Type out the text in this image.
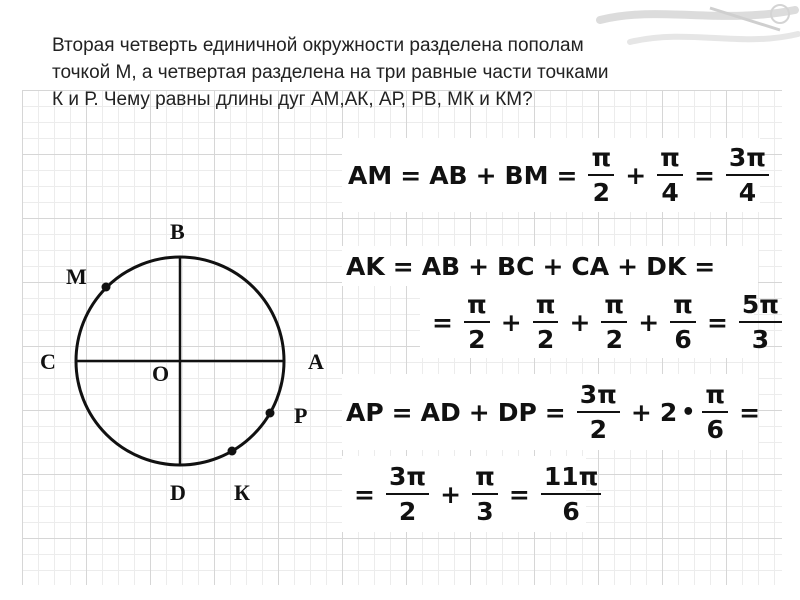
Вторая четверть единичной окружности разделена пополам
точкой М, а четвертая разделена на три равные части точками
К и Р. Чему равны длины дуг АМ,АК, АР, РВ, МК и КМ?
B
M
C	O	A
P
D К
AM = AB + BM = $\frac{\pi}{2} + \frac{\pi}{4} = \frac{3\pi}{4}$
AK = AB + BC + CA + DK =
= $\frac{\pi}{2} + \frac{\pi}{2} + \frac{\pi}{2} + \frac{\pi}{6} = \frac{5\pi}{3}$
AP = AD + DP = $\frac{3\pi}{2} + 2$ • $\frac{\pi}{6}$ =
= $\frac{3\pi}{2} + \frac{\pi}{3} = \frac{11\pi}{6}$
